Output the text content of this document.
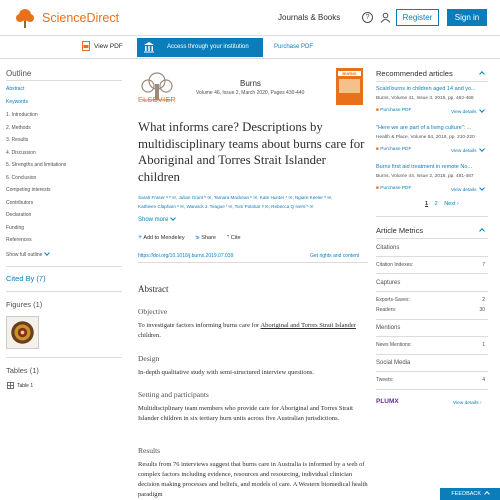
ScienceDirect	Journals & Books	?	Register	Sign in
View PDF	Access through your institution	Purchase PDF
Outline
Abstract
Keywords
1. Introduction
2. Methods
3. Results
4. Discussion
5. Strengths and limitations
6. Conclusion
Competing interests
Contributors
Declaration
Funding
References
Show full outline
Cited By (7)
Figures (1)
Tables (1)
Table 1
ELSEVIER
Burns
Volume 46, Issue 2, March 2020, Pages 430-440
BURNS
What informs care? Descriptions by multidisciplinary teams about burns care for Aboriginal and Torres Strait Islander children
Sarah Fraser ᵃ ᵇ ✉, Julian Grant ᵇ ✉, Tamara Mackean ᵇ ✉, Kate Hunter ᶜ ✉, Ngiare Keeler ᵈ ✉,
Kathleen Clapham ᵉ ✉, Warwick J. Teague ᶠ ✉, Tom Potokar ᵍ ✉, Rebecca Q Ivers ʰ ✉
Show more
+ Add to Mendeley ⪖ Share ” Cite
https://doi.org/10.1016/j.burns.2019.07.039	Get rights and content
Abstract
Objective
To investigate factors informing burns care for Aboriginal and Torres Strait Islander children.
Design
In-depth qualitative study with semi-structured interview questions.
Setting and participants
Multidisciplinary team members who provide care for Aboriginal and Torres Strait Islander children in six tertiary burn units across five Australian jurisdictions.
Results
Results from 76 interviews suggest that burns care in Australia is informed by a web of complex factors including evidence, resources and resourcing, individual clinician decision making processes and beliefs, and models of care. A Western biomedical health paradigm
Recommended articles
Scald burns in children aged 14 and yo...
Burns, Volume 41, Issue 3, 2015, pp. 462-468
■ Purchase PDF	View details
"Here we are part of a living culture": ...
Health & Place, Volume 54, 2018, pp. 210-220
■ Purchase PDF	View details
Burns first aid treatment in remote No...
Burns, Volume 44, Issue 2, 2018, pp. 481-487
■ Purchase PDF	View details
1 2 Next ›
Article Metrics
Citations
Citation Indexes:	7
Captures
Exports-Saves:	2
Readers:	30
Mentions
News Mentions:	1
Social Media
Tweets:	4
PLUMX	View details ›
FEEDBACK
